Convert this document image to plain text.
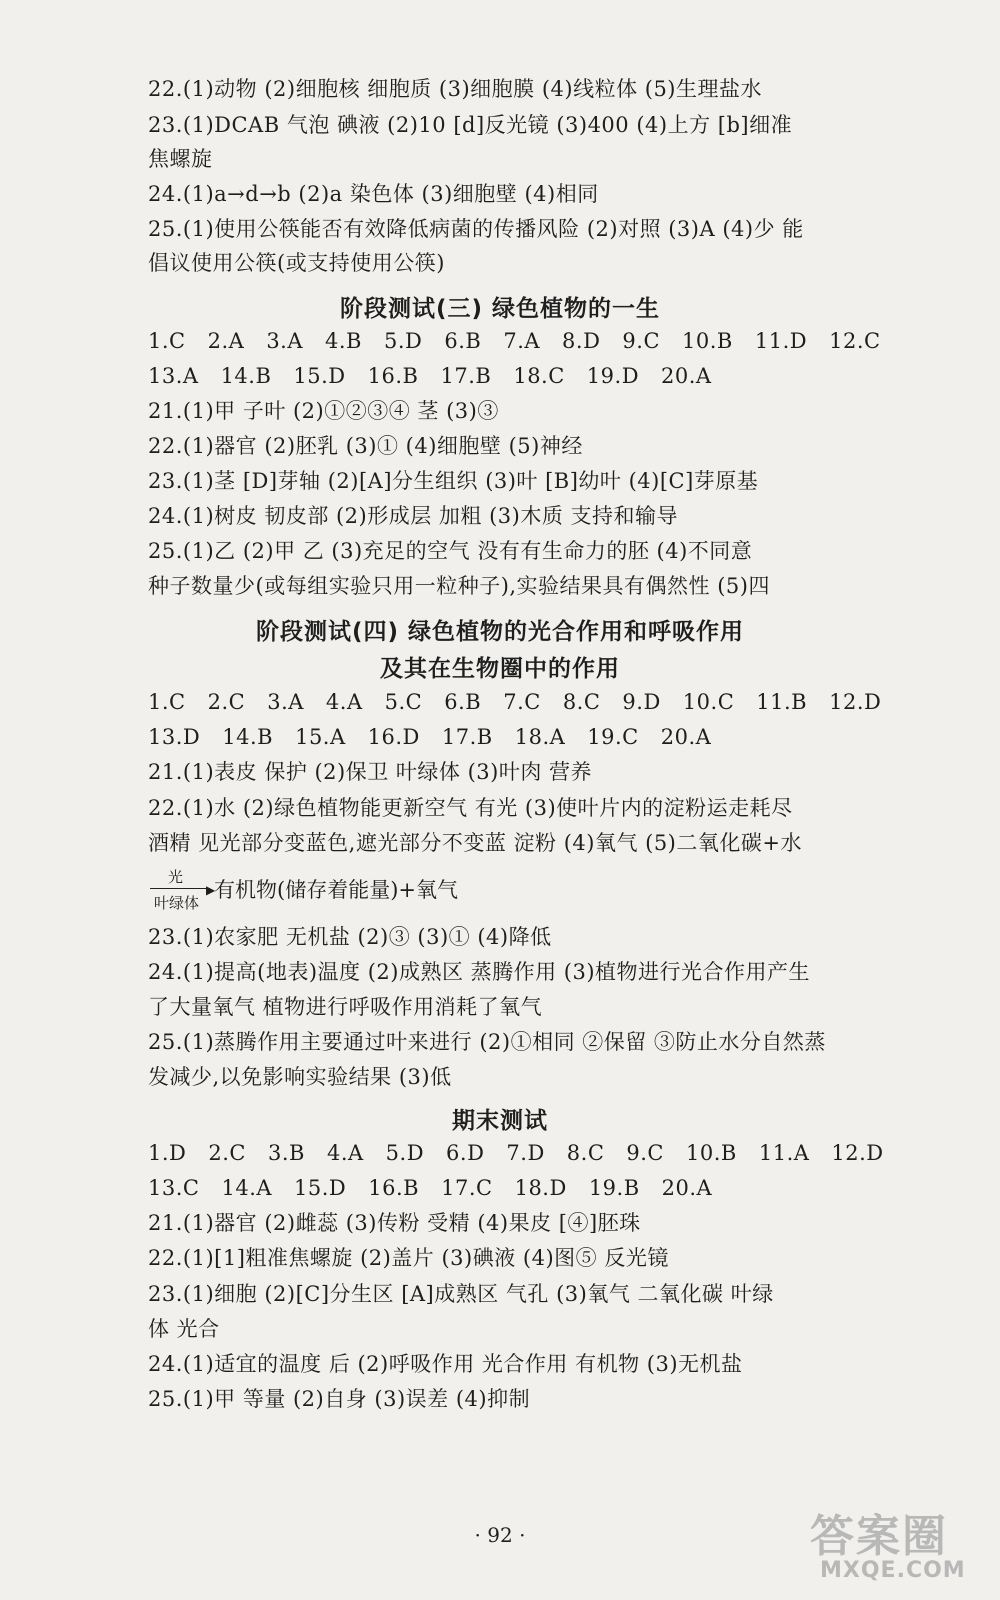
22.(1)动物 (2)细胞核 细胞质 (3)细胞膜 (4)线粒体 (5)生理盐水
23.(1)DCAB 气泡 碘液 (2)10 [d]反光镜 (3)400 (4)上方 [b]细准
焦螺旋
24.(1)a→d→b (2)a 染色体 (3)细胞壁 (4)相同
25.(1)使用公筷能否有效降低病菌的传播风险 (2)对照 (3)A (4)少 能
倡议使用公筷(或支持使用公筷)
阶段测试(三) 绿色植物的一生
1.C 2.A 3.A 4.B 5.D 6.B 7.A 8.D 9.C 10.B 11.D 12.C
13.A 14.B 15.D 16.B 17.B 18.C 19.D 20.A
21.(1)甲 子叶 (2)①②③④ 茎 (3)③
22.(1)器官 (2)胚乳 (3)① (4)细胞壁 (5)神经
23.(1)茎 [D]芽轴 (2)[A]分生组织 (3)叶 [B]幼叶 (4)[C]芽原基
24.(1)树皮 韧皮部 (2)形成层 加粗 (3)木质 支持和输导
25.(1)乙 (2)甲 乙 (3)充足的空气 没有有生命力的胚 (4)不同意
种子数量少(或每组实验只用一粒种子),实验结果具有偶然性 (5)四
阶段测试(四) 绿色植物的光合作用和呼吸作用
及其在生物圈中的作用
1.C 2.C 3.A 4.A 5.C 6.B 7.C 8.C 9.D 10.C 11.B 12.D
13.D 14.B 15.A 16.D 17.B 18.A 19.C 20.A
21.(1)表皮 保护 (2)保卫 叶绿体 (3)叶肉 营养
22.(1)水 (2)绿色植物能更新空气 有光 (3)使叶片内的淀粉运走耗尽
酒精 见光部分变蓝色,遮光部分不变蓝 淀粉 (4)氧气 (5)二氧化碳+水
光
▶
叶绿体
有机物(储存着能量)+氧气
23.(1)农家肥 无机盐 (2)③ (3)① (4)降低
24.(1)提高(地表)温度 (2)成熟区 蒸腾作用 (3)植物进行光合作用产生
了大量氧气 植物进行呼吸作用消耗了氧气
25.(1)蒸腾作用主要通过叶来进行 (2)①相同 ②保留 ③防止水分自然蒸
发减少,以免影响实验结果 (3)低
期末测试
1.D 2.C 3.B 4.A 5.D 6.D 7.D 8.C 9.C 10.B 11.A 12.D
13.C 14.A 15.D 16.B 17.C 18.D 19.B 20.A
21.(1)器官 (2)雌蕊 (3)传粉 受精 (4)果皮 [④]胚珠
22.(1)[1]粗准焦螺旋 (2)盖片 (3)碘液 (4)图⑤ 反光镜
23.(1)细胞 (2)[C]分生区 [A]成熟区 气孔 (3)氧气 二氧化碳 叶绿
体 光合
24.(1)适宜的温度 后 (2)呼吸作用 光合作用 有机物 (3)无机盐
25.(1)甲 等量 (2)自身 (3)误差 (4)抑制
· 92 ·	答案圈
MXQE.COM
